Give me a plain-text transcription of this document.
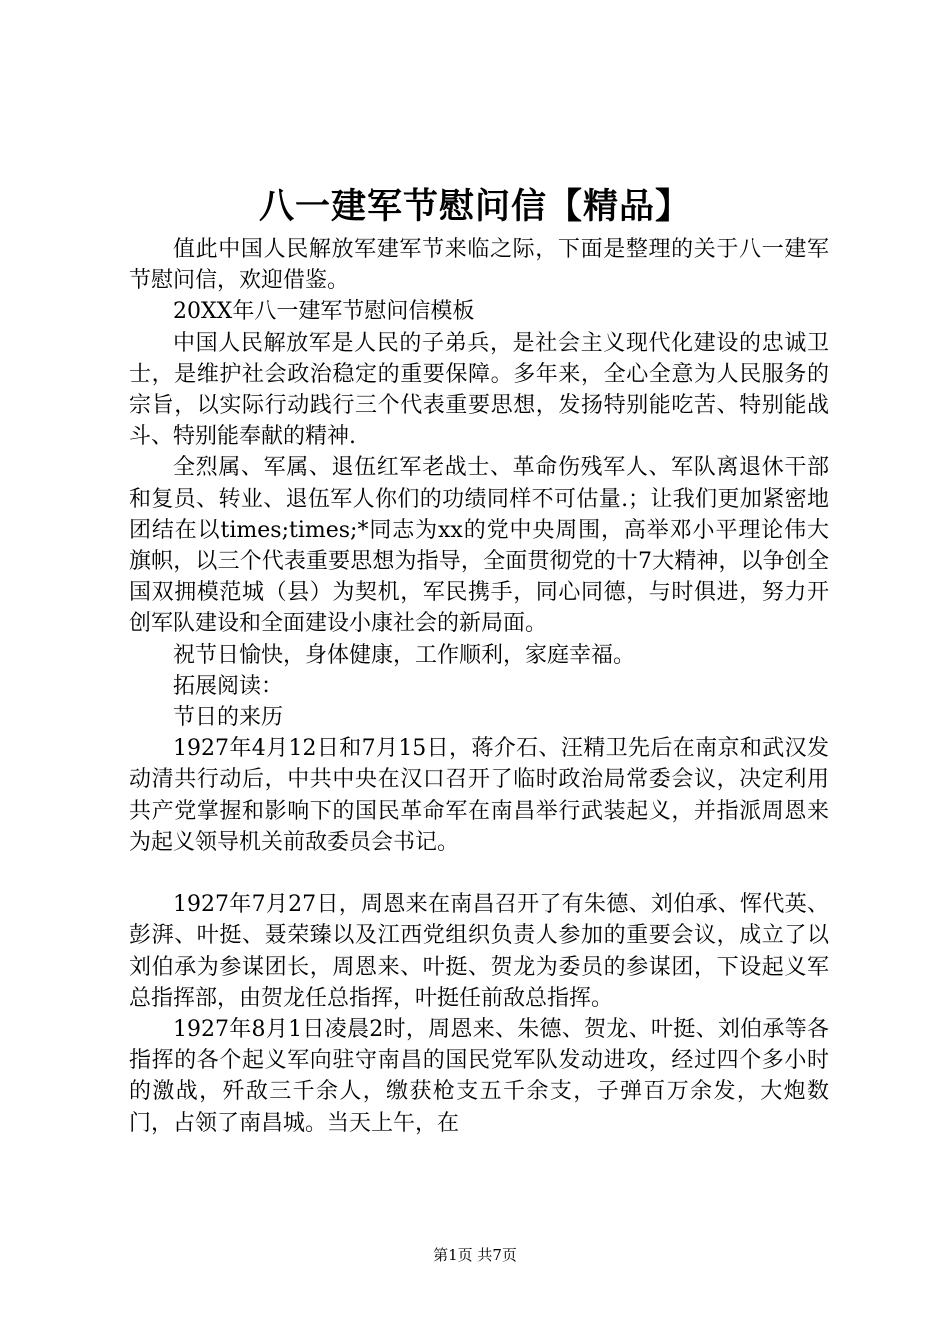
八一建军节慰问信【精品】

值此中国人民解放军建军节来临之际，下面是整理的关于八一建军节慰问信，欢迎借鉴。

20XX年八一建军节慰问信模板

中国人民解放军是人民的子弟兵，是社会主义现代化建设的忠诚卫士，是维护社会政治稳定的重要保障。多年来，全心全意为人民服务的宗旨，以实际行动践行三个代表重要思想，发扬特别能吃苦、特别能战斗、特别能奉献的精神.

全烈属、军属、退伍红军老战士、革命伤残军人、军队离退休干部和复员、转业、退伍军人你们的功绩同样不可估量.；让我们更加紧密地团结在以times;times;*同志为xx的党中央周围，高举邓小平理论伟大旗帜，以三个代表重要思想为指导，全面贯彻党的十7大精神，以争创全国双拥模范城（县）为契机，军民携手，同心同德，与时俱进，努力开创军队建设和全面建设小康社会的新局面。

祝节日愉快，身体健康，工作顺利，家庭幸福。

拓展阅读：

节日的来历

1927年4月12日和7月15日，蒋介石、汪精卫先后在南京和武汉发动清共行动后，中共中央在汉口召开了临时政治局常委会议，决定利用共产党掌握和影响下的国民革命军在南昌举行武装起义，并指派周恩来为起义领导机关前敌委员会书记。

1927年7月27日，周恩来在南昌召开了有朱德、刘伯承、恽代英、彭湃、叶挺、聂荣臻以及江西党组织负责人参加的重要会议，成立了以刘伯承为参谋团长，周恩来、叶挺、贺龙为委员的参谋团，下设起义军总指挥部，由贺龙任总指挥，叶挺任前敌总指挥。

1927年8月1日凌晨2时，周恩来、朱德、贺龙、叶挺、刘伯承等各指挥的各个起义军向驻守南昌的国民党军队发动进攻，经过四个多小时的激战，歼敌三千余人，缴获枪支五千余支，子弹百万余发，大炮数门，占领了南昌城。当天上午，在

第1页 共7页
